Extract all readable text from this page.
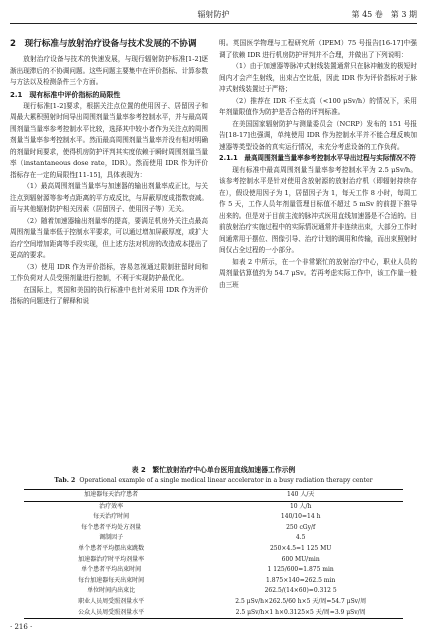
辐射防护	第 45 卷　第 3 期
2　现行标准与放射治疗设备与技术发展的不协调

放射治疗设备与技术的快速发展，与现行辐射防护标准[1-2]逐渐出现滞后的不协调问题。这些问题主要集中在评价指标、计算参数与方法以及检测条件三个方面。

2.1　现有标准中评价指标的局限性

现行标准[1-2]要求，根据关注点位置的使用因子、居留因子和周最大累积照射时间导出周围剂量当量率参考控制水平，并与最高周围剂量当量率参考控制水平比较，选择其中较小者作为关注点的周围剂量当量率参考控制水平。然而最高周围剂量当量率并没有相对明确的剂量时间要求，使得机房防护评判其实度依赖于瞬时周围剂量当量率（instantaneous dose rate，IDR）。然而使用 IDR 作为评价指标存在一定的局限性[11-15]，具体表现为：

（1）最高周围剂量当量率与加速器的输出剂量率成正比，与关注点到辐射源等参考点距离的平方成反比，与屏蔽厚度成指数衰减。而与其他辐射防护相关因素（居留因子、使用因子等）无关。

（2）随着加速器输出剂量率的提高，要满足机房外关注点最高周围剂量当量率低于控制水平要求，可以通过增加屏蔽厚度，或扩大治疗空间增加距离等手段实现，但上述方法对机房的改造成本提出了更高的要求。

（3）使用 IDR 作为评价指标，容易忽视通过限制驻留时间和工作负荷对人员受照剂量进行控制，不利于实现防护最优化。

在国际上，英国和美国的执行标准中也针对采用 IDR 作为评价指标的问题进行了解释和说

明。英国医学物理与工程研究所（IPEM）75 号报告[16-17]中强调了依赖 IDR 进行机房防护评判并不合理，并做出了下列说明：

（1）由于加速器等脉冲式射线装置通常只在脉冲触发的极短时间内才会产生射线，出束占空比低，因此 IDR 作为评价指标对于脉冲式射线装置过于严格；

（2）推荐在 IDR 不至太高（<100 μSv/h）的情况下，采用年剂量限值作为防护是否合格的评判标准。

在美国国家辐射防护与测量委员会（NCRP）发布的 151 号报告[18-17]也强调，单纯使用 IDR 作为控制水平并不能合理反映加速器等类型设备的真实运行情况，未充分考虑设备的工作负荷。

2.1.1　最高周围剂量当量率参考控制水平导出过程与实际情况不符

现有标准中最高周围剂量当量率参考控制水平为 2.5 μSv/h。该参考控制水平是针对使用含放射源的放射治疗机（即辐射持续存在），假设使用因子为 1，居留因子为 1，每天工作 8 小时，每周工作 5 天，工作人员年剂量管理目标值不超过 5 mSv 的前提下推导出来的。但是对于目前主流的脉冲式医用直线加速器是不合适的。目前放射治疗实施过程中的实际情况通常并非连续出束，大部分工作时间通常用于摆位、图像引导、治疗计划的调用和传输，而出束照射时间仅占全过程的一小部分。

如表 2 中所示，在一个非常繁忙的放射治疗中心，职业人员的周剂量估算值约为 54.7 μSv。若再考虑实际工作中，该工作量一般由三班

表 2　繁忙放射治疗中心单台医用直线加速器工作示例
Tab. 2 Operational example of a single medical linear accelerator in a busy radiation therapy center
加速器每天治疗患者	140 人/天
治疗效率	10 人/h
每天治疗时间	140/10=14 h
每个患者平均处方剂量	250 cGy/f
调制因子	4.5
单个患者平均摆出束跳数	250×4.5=1 125 MU
加速器治疗时平均剂量率	600 MU/min
单个患者平均出束时间	1 125/600=1.875 min
每台加速器每天出束时间	1.875×140=262.5 min
单位时间内出束比	262.5/(14×60)=0.312 5
职业人员周受照剂量水平	2.5 μSv/h×262.5/60 h×5 天/周=54.7 μSv/周
公众人员周受照剂量水平	2.5 μSv/h×1 h×0.3125×5 天/周=3.9 μSv/周
· 216 ·
